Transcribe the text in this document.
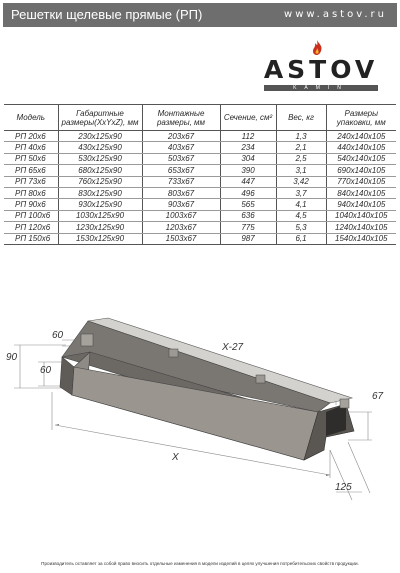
Решетки щелевые прямые (РП)	www.astov.ru
ASTOV
KAMIN
Модель	Габаритные размеры(XxYxZ), мм	Монтажные размеры, мм	Сечение, см²	Вес, кг	Размеры упаковки, мм
РП 20х6	230х125х90	203х67	112	1,3	240х140х105
РП 40х6	430х125х90	403х67	234	2,1	440х140х105
РП 50х6	530х125х90	503х67	304	2,5	540х140х105
РП 65х6	680х125х90	653х67	390	3,1	690х140х105
РП 73х6	760х125х90	733х67	447	3,42	770х140х105
РП 80х6	830х125х90	803х67	496	3,7	840х140х105
РП 90х6	930х125х90	903х67	565	4,1	940х140х105
РП 100х6	1030х125х90	1003х67	636	4,5	1040х140х105
РП 120х6	1230х125х90	1203х67	775	5,3	1240х140х105
РП 150х6	1530х125х90	1503х67	987	6,1	1540х140х105
60
90
60
X-27
X
67
125
Производитель оставляет за собой право вносить отдельные изменения в модели изделий в целях улучшения потребительских свойств продукции.
